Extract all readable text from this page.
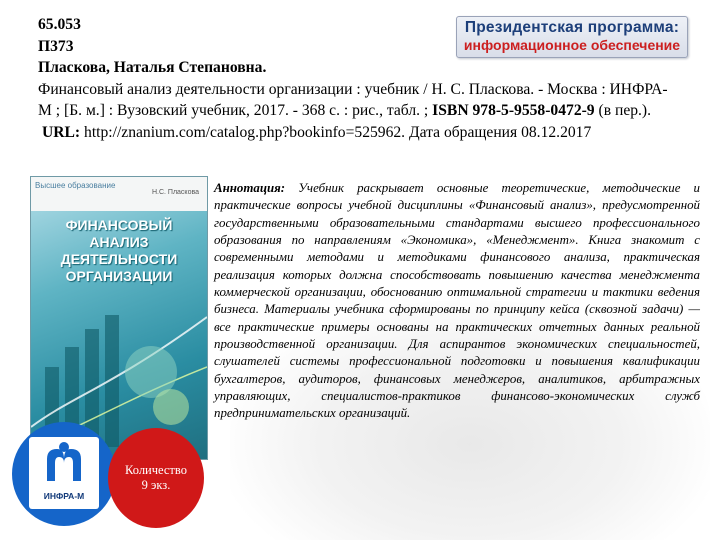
65.053
П373
Пласкова, Наталья Степановна.
Финансовый анализ деятельности организации : учебник / Н. С. Пласкова. - Москва : ИНФРА-М ; [Б. м.] : Вузовский учебник, 2017. - 368 с. : рис., табл. ; ISBN 978-5-9558-0472-9 (в пер.).
URL: http://znanium.com/catalog.php?bookinfo=525962. Дата обращения 08.12.2017
Президентская программа:
информационное обеспечение
Высшее образование
Н.С. Пласкова
ФИНАНСОВЫЙ АНАЛИЗ ДЕЯТЕЛЬНОСТИ ОРГАНИЗАЦИИ
ИНФРА-М
Количество
9 экз.
Аннотация: Учебник раскрывает основные теоретические, методические и практические вопросы учебной дисциплины «Финансовый анализ», предусмотренной государственными образовательными стандартами высшего профессионального образования по направлениям «Экономика», «Менеджмент». Книга знакомит с современными методами и методиками финансового анализа, практическая реализация которых должна способствовать повышению качества менеджмента коммерческой организации, обоснованию оптимальной стратегии и тактики ведения бизнеса. Материалы учебника сформированы по принципу кейса (сквозной задачи) — все практические примеры основаны на практических отчетных данных реальной производственной организации. Для аспирантов экономических специальностей, слушателей системы профессиональной подготовки и повышения квалификации бухгалтеров, аудиторов, финансовых менеджеров, аналитиков, арбитражных управляющих, специалистов-практиков финансово-экономических служб предпринимательских организаций.
